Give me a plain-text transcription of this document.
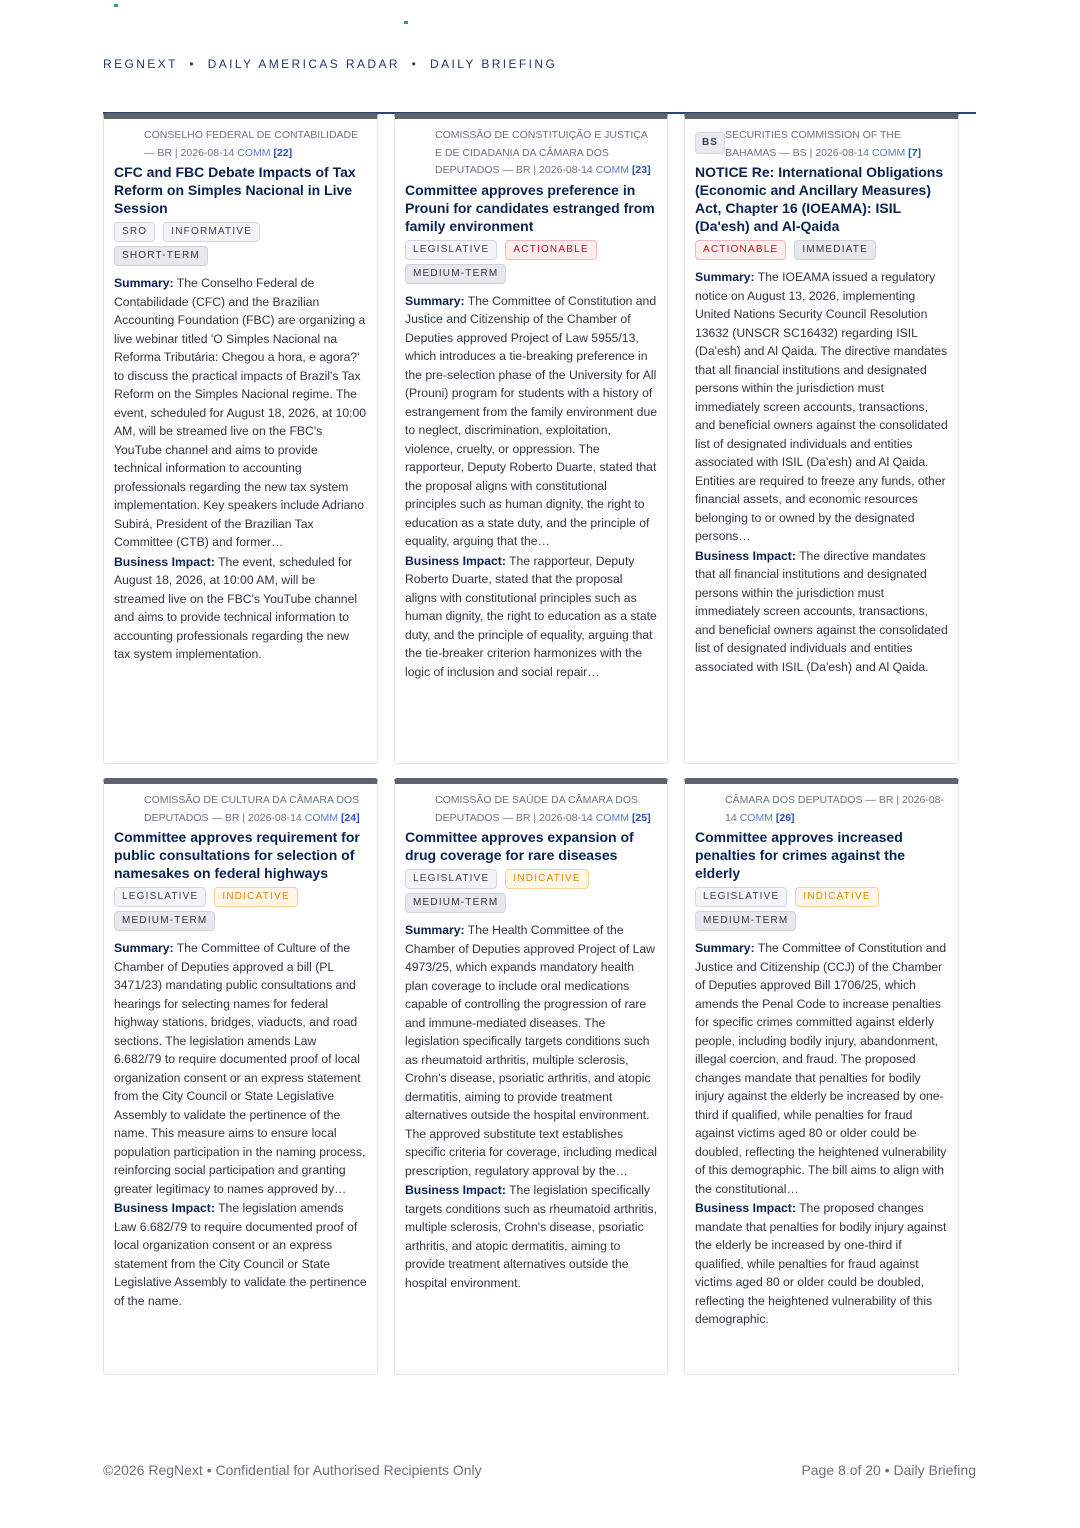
REGNEXT • DAILY AMERICAS RADAR • DAILY BRIEFING
CONSELHO FEDERAL DE CONTABILIDADE — BR | 2026-08-14 COMM [22]
CFC and FBC Debate Impacts of Tax Reform on Simples Nacional in Live Session
SRO INFORMATIVESHORT-TERM

Summary: The Conselho Federal de Contabilidade (CFC) and the Brazilian Accounting Foundation (FBC) are organizing a live webinar titled 'O Simples Nacional na Reforma Tributária: Chegou a hora, e agora?' to discuss the practical impacts of Brazil's Tax Reform on the Simples Nacional regime. The event, scheduled for August 18, 2026, at 10:00 AM, will be streamed live on the FBC's YouTube channel and aims to provide technical information to accounting professionals regarding the new tax system implementation. Key speakers include Adriano Subirá, President of the Brazilian Tax Committee (CTB) and former…

Business Impact: The event, scheduled for August 18, 2026, at 10:00 AM, will be streamed live on the FBC's YouTube channel and aims to provide technical information to accounting professionals regarding the new tax system implementation.

COMISSÃO DE CONSTITUIÇÃO E JUSTIÇA E DE CIDADANIA DA CÂMARA DOS DEPUTADOS — BR | 2026-08-14 COMM [23]
Committee approves preference in Prouni for candidates estranged from family environment
LEGISLATIVE ACTIONABLEMEDIUM-TERM

Summary: The Committee of Constitution and Justice and Citizenship of the Chamber of Deputies approved Project of Law 5955/13, which introduces a tie-breaking preference in the pre-selection phase of the University for All (Prouni) program for students with a history of estrangement from the family environment due to neglect, discrimination, exploitation, violence, cruelty, or oppression. The rapporteur, Deputy Roberto Duarte, stated that the proposal aligns with constitutional principles such as human dignity, the right to education as a state duty, and the principle of equality, arguing that the…

Business Impact: The rapporteur, Deputy Roberto Duarte, stated that the proposal aligns with constitutional principles such as human dignity, the right to education as a state duty, and the principle of equality, arguing that the tie-breaker criterion harmonizes with the logic of inclusion and social repair…

BS
SECURITIES COMMISSION OF THE BAHAMAS — BS | 2026-08-14 COMM [7]
NOTICE Re: International Obligations (Economic and Ancillary Measures) Act, Chapter 16 (IOEAMA): ISIL (Da'esh) and Al-Qaida
ACTIONABLE IMMEDIATE

Summary: The IOEAMA issued a regulatory notice on August 13, 2026, implementing United Nations Security Council Resolution 13632 (UNSCR SC16432) regarding ISIL (Da'esh) and Al Qaida. The directive mandates that all financial institutions and designated persons within the jurisdiction must immediately screen accounts, transactions, and beneficial owners against the consolidated list of designated individuals and entities associated with ISIL (Da'esh) and Al Qaida. Entities are required to freeze any funds, other financial assets, and economic resources belonging to or owned by the designated persons…

Business Impact: The directive mandates that all financial institutions and designated persons within the jurisdiction must immediately screen accounts, transactions, and beneficial owners against the consolidated list of designated individuals and entities associated with ISIL (Da'esh) and Al Qaida.

COMISSÃO DE CULTURA DA CÂMARA DOS DEPUTADOS — BR | 2026-08-14 COMM [24]
Committee approves requirement for public consultations for selection of namesakes on federal highways
LEGISLATIVE INDICATIVEMEDIUM-TERM

Summary: The Committee of Culture of the Chamber of Deputies approved a bill (PL 3471/23) mandating public consultations and hearings for selecting names for federal highway stations, bridges, viaducts, and road sections. The legislation amends Law 6.682/79 to require documented proof of local organization consent or an express statement from the City Council or State Legislative Assembly to validate the pertinence of the name. This measure aims to ensure local population participation in the naming process, reinforcing social participation and granting greater legitimacy to names approved by…

Business Impact: The legislation amends Law 6.682/79 to require documented proof of local organization consent or an express statement from the City Council or State Legislative Assembly to validate the pertinence of the name.

COMISSÃO DE SAÚDE DA CÂMARA DOS DEPUTADOS — BR | 2026-08-14 COMM [25]
Committee approves expansion of drug coverage for rare diseases
LEGISLATIVE INDICATIVEMEDIUM-TERM

Summary: The Health Committee of the Chamber of Deputies approved Project of Law 4973/25, which expands mandatory health plan coverage to include oral medications capable of controlling the progression of rare and immune-mediated diseases. The legislation specifically targets conditions such as rheumatoid arthritis, multiple sclerosis, Crohn's disease, psoriatic arthritis, and atopic dermatitis, aiming to provide treatment alternatives outside the hospital environment. The approved substitute text establishes specific criteria for coverage, including medical prescription, regulatory approval by the…

Business Impact: The legislation specifically targets conditions such as rheumatoid arthritis, multiple sclerosis, Crohn's disease, psoriatic arthritis, and atopic dermatitis, aiming to provide treatment alternatives outside the hospital environment.

CÂMARA DOS DEPUTADOS — BR | 2026-08-14 COMM [26]
Committee approves increased penalties for crimes against the elderly
LEGISLATIVE INDICATIVEMEDIUM-TERM

Summary: The Committee of Constitution and Justice and Citizenship (CCJ) of the Chamber of Deputies approved Bill 1706/25, which amends the Penal Code to increase penalties for specific crimes committed against elderly people, including bodily injury, abandonment, illegal coercion, and fraud. The proposed changes mandate that penalties for bodily injury against the elderly be increased by one-third if qualified, while penalties for fraud against victims aged 80 or older could be doubled, reflecting the heightened vulnerability of this demographic. The bill aims to align with the constitutional…

Business Impact: The proposed changes mandate that penalties for bodily injury against the elderly be increased by one-third if qualified, while penalties for fraud against victims aged 80 or older could be doubled, reflecting the heightened vulnerability of this demographic.

©2026 RegNext • Confidential for Authorised Recipients Only	Page 8 of 20 • Daily Briefing
